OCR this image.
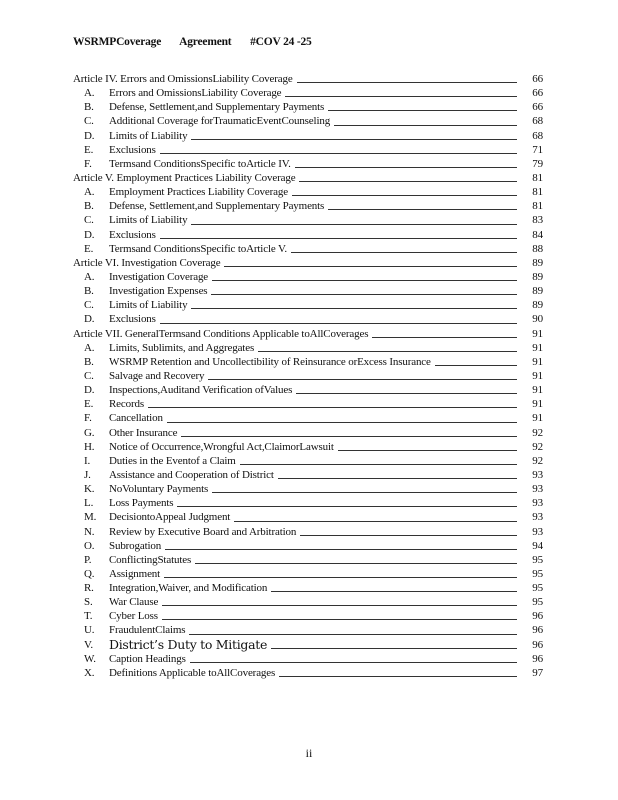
WSRMPCoverage Agreement #COV 24 -25
Article IV. Errors and OmissionsLiability Coverage	66
A.	Errors and OmissionsLiability Coverage	66
B.	Defense, Settlement,and Supplementary Payments	66
C.	Additional Coverage forTraumaticEventCounseling	68
D.	Limits of Liability	68
E.	Exclusions	71
F.	Termsand ConditionsSpecific toArticle IV.	79
Article V. Employment Practices Liability Coverage	81
A.	Employment Practices Liability Coverage	81
B.	Defense, Settlement,and Supplementary Payments	81
C.	Limits of Liability	83
D.	Exclusions	84
E.	Termsand ConditionsSpecific toArticle V.	88
Article VI. Investigation Coverage	89
A.	Investigation Coverage	89
B.	Investigation Expenses	89
C.	Limits of Liability	89
D.	Exclusions	90
Article VII. GeneralTermsand Conditions Applicable toAllCoverages	91
A.	Limits, Sublimits, and Aggregates	91
B.	WSRMP Retention and Uncollectibility of Reinsurance orExcess Insurance	91
C.	Salvage and Recovery	91
D.	Inspections,Auditand Verification ofValues	91
E.	Records	91
F.	Cancellation	91
G.	Other Insurance	92
H.	Notice of Occurrence,Wrongful Act,ClaimorLawsuit	92
I.	Duties in the Eventof a Claim	92
J.	Assistance and Cooperation of District	93
K.	NoVoluntary Payments	93
L.	Loss Payments	93
M.	DecisiontoAppeal Judgment	93
N.	Review by Executive Board and Arbitration	93
O.	Subrogation	94
P.	ConflictingStatutes	95
Q.	Assignment	95
R.	Integration,Waiver, and Modification	95
S.	War Clause	95
T.	Cyber Loss	96
U.	FraudulentClaims	96
V.	District’s Duty to Mitigate	96
W.	Caption Headings	96
X.	Definitions Applicable toAllCoverages	97
ii
